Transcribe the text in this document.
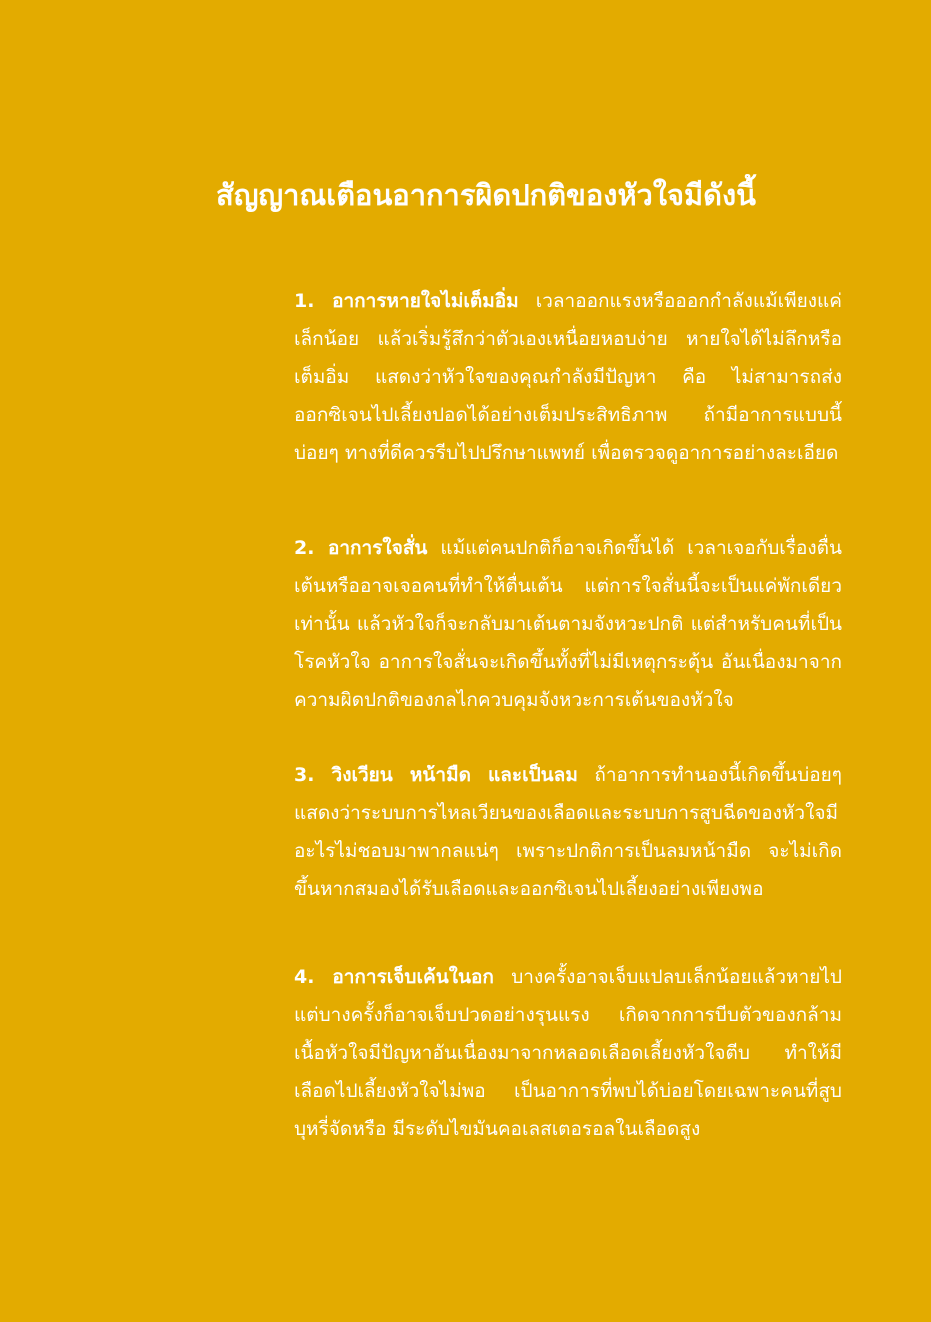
สัญญาณเตือนอาการผิดปกติของหัวใจมีดังนี้
1. อาการหายใจไม่เต็มอิ่ม เวลาออกแรงหรือออกกำลังแม้เพียงแค่เล็กน้อย แล้วเริ่มรู้สึกว่าตัวเองเหนื่อยหอบง่าย หายใจได้ไม่ลึกหรือเต็มอิ่ม แสดงว่าหัวใจของคุณกำลังมีปัญหา คือ ไม่สามารถส่งออกซิเจนไปเลี้ยงปอดได้อย่างเต็มประสิทธิภาพ ถ้ามีอาการแบบนี้บ่อยๆ ทางที่ดีควรรีบไปปรึกษาแพทย์ เพื่อตรวจดูอาการอย่างละเอียด
2. อาการใจสั่น แม้แต่คนปกติก็อาจเกิดขึ้นได้ เวลาเจอกับเรื่องตื่นเต้นหรืออาจเจอคนที่ทำให้ตื่นเต้น แต่การใจสั่นนี้จะเป็นแค่พักเดียวเท่านั้น แล้วหัวใจก็จะกลับมาเต้นตามจังหวะปกติ แต่สำหรับคนที่เป็นโรคหัวใจ อาการใจสั่นจะเกิดขึ้นทั้งที่ไม่มีเหตุกระตุ้น อันเนื่องมาจากความผิดปกติของกลไกควบคุมจังหวะการเต้นของหัวใจ
3. วิงเวียน หน้ามืด และเป็นลม ถ้าอาการทำนองนี้เกิดขึ้นบ่อยๆ แสดงว่าระบบการไหลเวียนของเลือดและระบบการสูบฉีดของหัวใจมีอะไรไม่ชอบมาพากลแน่ๆ เพราะปกติการเป็นลมหน้ามืด จะไม่เกิดขึ้นหากสมองได้รับเลือดและออกซิเจนไปเลี้ยงอย่างเพียงพอ
4. อาการเจ็บเค้นในอก บางครั้งอาจเจ็บแปลบเล็กน้อยแล้วหายไป แต่บางครั้งก็อาจเจ็บปวดอย่างรุนแรง เกิดจากการบีบตัวของกล้ามเนื้อหัวใจมีปัญหาอันเนื่องมาจากหลอดเลือดเลี้ยงหัวใจตีบ ทำให้มีเลือดไปเลี้ยงหัวใจไม่พอ เป็นอาการที่พบได้บ่อยโดยเฉพาะคนที่สูบบุหรี่จัดหรือ มีระดับไขมันคอเลสเตอรอลในเลือดสูง
